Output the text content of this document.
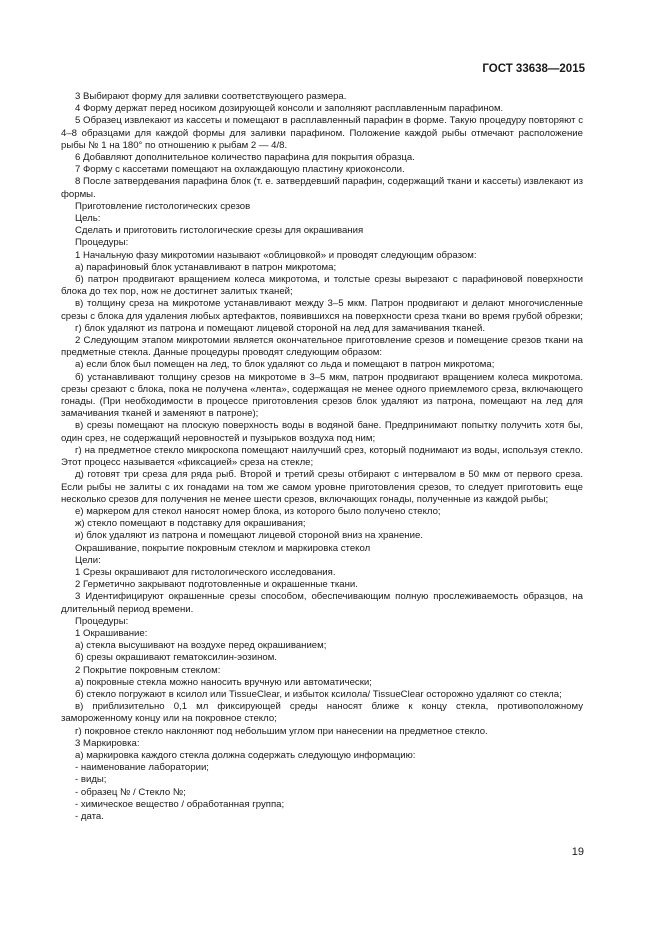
ГОСТ 33638—2015

3 Выбирают форму для заливки соответствующего размера.

4 Форму держат перед носиком дозирующей консоли и заполняют расплавленным парафином.

5 Образец извлекают из кассеты и помещают в расплавленный парафин в форме. Такую процедуру повторяют с 4–8 образцами для каждой формы для заливки парафином. Положение каждой рыбы отмечают расположение рыбы № 1 на 180° по отношению к рыбам 2 — 4/8.

6 Добавляют дополнительное количество парафина для покрытия образца.

7 Форму с кассетами помещают на охлаждающую пластину криоконсоли.

8 После затвердевания парафина блок (т. е. затвердевший парафин, содержащий ткани и кассеты) извлекают из формы.

Приготовление гистологических срезов

Цель:

Сделать и приготовить гистологические срезы для окрашивания

Процедуры:

1 Начальную фазу микротомии называют «облицовкой» и проводят следующим образом:

а) парафиновый блок устанавливают в патрон микротома;

б) патрон продвигают вращением колеса микротома, и толстые срезы вырезают с парафиновой поверхности блока до тех пор, нож не достигнет залитых тканей;

в) толщину среза на микротоме устанавливают между 3–5 мкм. Патрон продвигают и делают многочисленные срезы с блока для удаления любых артефактов, появившихся на поверхности среза ткани во время грубой обрезки;

г) блок удаляют из патрона и помещают лицевой стороной на лед для замачивания тканей.

2 Следующим этапом микротомии является окончательное приготовление срезов и помещение срезов ткани на предметные стекла. Данные процедуры проводят следующим образом:

а) если блок был помещен на лед, то блок удаляют со льда и помещают в патрон микротома;

б) устанавливают толщину срезов на микротоме в 3–5 мкм, патрон продвигают вращением колеса микротома. срезы срезают с блока, пока не получена «лента», содержащая не менее одного приемлемого среза, включающего гонады. (При необходимости в процессе приготовления срезов блок удаляют из патрона, помещают на лед для замачивания тканей и заменяют в патроне);

в) срезы помещают на плоскую поверхность воды в водяной бане. Предпринимают попытку получить хотя бы, один срез, не содержащий неровностей и пузырьков воздуха под ним;

г) на предметное стекло микроскопа помещают наилучший срез, который поднимают из воды, используя стекло. Этот процесс называется «фиксацией» среза на стекле;

д) готовят три среза для ряда рыб. Второй и третий срезы отбирают с интервалом в 50 мкм от первого среза. Если рыбы не залиты с их гонадами на том же самом уровне приготовления срезов, то следует приготовить еще несколько срезов для получения не менее шести срезов, включающих гонады, полученные из каждой рыбы;

е) маркером для стекол наносят номер блока, из которого было получено стекло;

ж) стекло помещают в подставку для окрашивания;

и) блок удаляют из патрона и помещают лицевой стороной вниз на хранение.

Окрашивание, покрытие покровным стеклом и маркировка стекол

Цели:

1 Срезы окрашивают для гистологического исследования.

2 Герметично закрывают подготовленные и окрашенные ткани.

3 Идентифицируют окрашенные срезы способом, обеспечивающим полную прослеживаемость образцов, на длительный период времени.

Процедуры:

1 Окрашивание:

а) стекла высушивают на воздухе перед окрашиванием;

б) срезы окрашивают гематоксилин-эозином.

2 Покрытие покровным стеклом:

а) покровные стекла можно наносить вручную или автоматически;

б) стекло погружают в ксилол или TissueClear, и избыток ксилола/ TissueClear осторожно удаляют со стекла;

в) приблизительно 0,1 мл фиксирующей среды наносят ближе к концу стекла, противоположному замороженному концу или на покровное стекло;

г) покровное стекло наклоняют под небольшим углом при нанесении на предметное стекло.

3 Маркировка:

а) маркировка каждого стекла должна содержать следующую информацию:

- наименование лаборатории;

- виды;

- образец № / Стекло №;

- химическое вещество / обработанная группа;

- дата.

19
